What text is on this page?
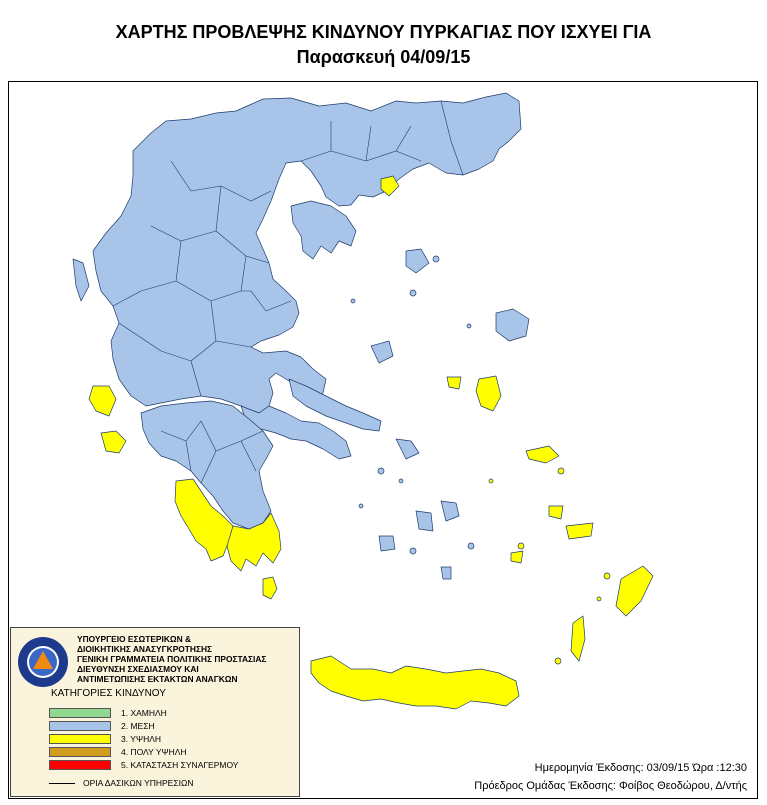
ΧΑΡΤΗΣ ΠΡΟΒΛΕΨΗΣ ΚΙΝΔΥΝΟΥ ΠΥΡΚΑΓΙΑΣ ΠΟΥ ΙΣΧΥΕΙ ΓΙΑ
Παρασκευή 04/09/15
ΥΠΟΥΡΓΕΙΟ ΕΣΩΤΕΡΙΚΩΝ &
ΔΙΟΙΚΗΤΙΚΗΣ ΑΝΑΣΥΓΚΡΟΤΗΣΗΣ
ΓΕΝΙΚΗ ΓΡΑΜΜΑΤΕΙΑ ΠΟΛΙΤΙΚΗΣ ΠΡΟΣΤΑΣΙΑΣ
ΔΙΕΥΘΥΝΣΗ ΣΧΕΔΙΑΣΜΟΥ ΚΑΙ
ΑΝΤΙΜΕΤΩΠΙΣΗΣ ΕΚΤΑΚΤΩΝ ΑΝΑΓΚΩΝ
ΚΑΤΗΓΟΡΙΕΣ ΚΙΝΔΥΝΟΥ
1. ΧΑΜΗΛΗ
2. ΜΕΣΗ
3. ΥΨΗΛΗ
4. ΠΟΛΥ ΥΨΗΛΗ
5. ΚΑΤΑΣΤΑΣΗ ΣΥΝΑΓΕΡΜΟΥ
ΟΡΙΑ ΔΑΣΙΚΩΝ ΥΠΗΡΕΣΙΩΝ
Ημερομηνία Έκδοσης: 03/09/15 Ώρα :12:30
Πρόεδρος Ομάδας Έκδοσης: Φοίβος Θεοδώρου, Δ/ντής
